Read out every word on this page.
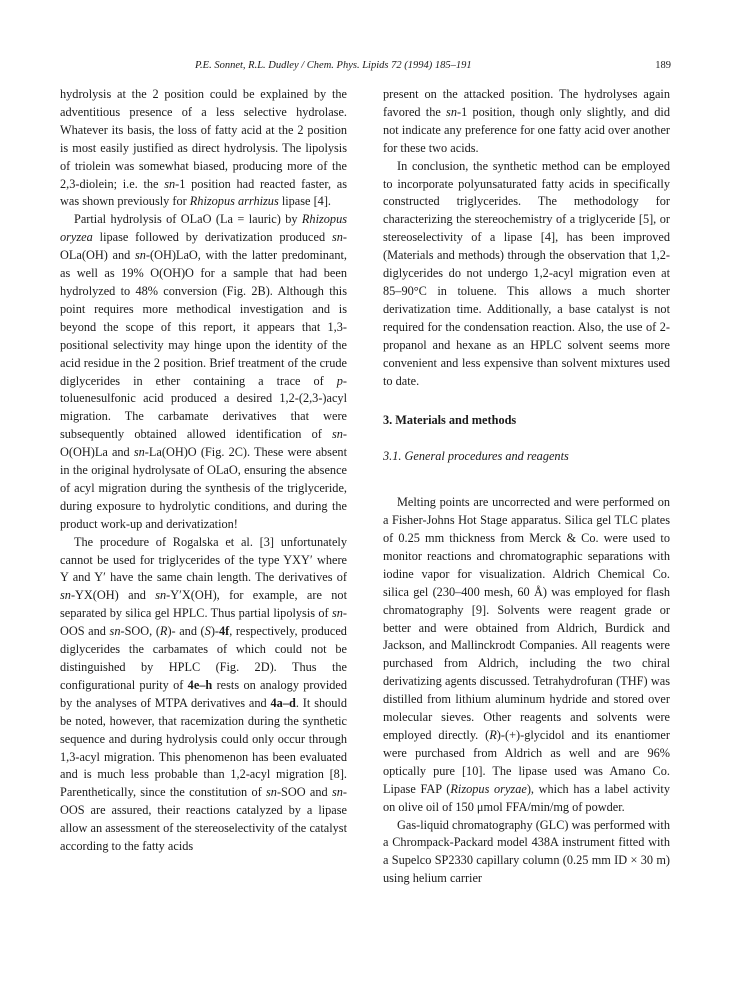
P.E. Sonnet, R.L. Dudley / Chem. Phys. Lipids 72 (1994) 185–191	189

hydrolysis at the 2 position could be explained by the adventitious presence of a less selective hydrolase. Whatever its basis, the loss of fatty acid at the 2 position is most easily justified as direct hydrolysis. The lipolysis of triolein was somewhat biased, producing more of the 2,3-diolein; i.e. the sn-1 position had reacted faster, as was shown previously for Rhizopus arrhizus lipase [4].

Partial hydrolysis of OLaO (La = lauric) by Rhizopus oryzea lipase followed by derivatization produced sn-OLa(OH) and sn-(OH)LaO, with the latter predominant, as well as 19% O(OH)O for a sample that had been hydrolyzed to 48% conversion (Fig. 2B). Although this point requires more methodical investigation and is beyond the scope of this report, it appears that 1,3-positional selectivity may hinge upon the identity of the acid residue in the 2 position. Brief treatment of the crude diglycerides in ether containing a trace of p-toluenesulfonic acid produced a desired 1,2-(2,3-)acyl migration. The carbamate derivatives that were subsequently obtained allowed identification of sn-O(OH)La and sn-La(OH)O (Fig. 2C). These were absent in the original hydrolysate of OLaO, ensuring the absence of acyl migration during the synthesis of the triglyceride, during exposure to hydrolytic conditions, and during the product work-up and derivatization!

The procedure of Rogalska et al. [3] unfortunately cannot be used for triglycerides of the type YXY′ where Y and Y′ have the same chain length. The derivatives of sn-YX(OH) and sn-Y′X(OH), for example, are not separated by silica gel HPLC. Thus partial lipolysis of sn-OOS and sn-SOO, (R)- and (S)-4f, respectively, produced diglycerides the carbamates of which could not be distinguished by HPLC (Fig. 2D). Thus the configurational purity of 4e–h rests on analogy provided by the analyses of MTPA derivatives and 4a–d. It should be noted, however, that racemization during the synthetic sequence and during hydrolysis could only occur through 1,3-acyl migration. This phenomenon has been evaluated and is much less probable than 1,2-acyl migration [8]. Parenthetically, since the constitution of sn-SOO and sn-OOS are assured, their reactions catalyzed by a lipase allow an assessment of the stereoselectivity of the catalyst according to the fatty acids

present on the attacked position. The hydrolyses again favored the sn-1 position, though only slightly, and did not indicate any preference for one fatty acid over another for these two acids.

In conclusion, the synthetic method can be employed to incorporate polyunsaturated fatty acids in specifically constructed triglycerides. The methodology for characterizing the stereochemistry of a triglyceride [5], or stereoselectivity of a lipase [4], has been improved (Materials and methods) through the observation that 1,2-diglycerides do not undergo 1,2-acyl migration even at 85–90°C in toluene. This allows a much shorter derivatization time. Additionally, a base catalyst is not required for the condensation reaction. Also, the use of 2-propanol and hexane as an HPLC solvent seems more convenient and less expensive than solvent mixtures used to date.

3. Materials and methods
3.1. General procedures and reagents

Melting points are uncorrected and were performed on a Fisher-Johns Hot Stage apparatus. Silica gel TLC plates of 0.25 mm thickness from Merck & Co. were used to monitor reactions and chromatographic separations with iodine vapor for visualization. Aldrich Chemical Co. silica gel (230–400 mesh, 60 Å) was employed for flash chromatography [9]. Solvents were reagent grade or better and were obtained from Aldrich, Burdick and Jackson, and Mallinckrodt Companies. All reagents were purchased from Aldrich, including the two chiral derivatizing agents discussed. Tetrahydrofuran (THF) was distilled from lithium aluminum hydride and stored over molecular sieves. Other reagents and solvents were employed directly. (R)-(+)-glycidol and its enantiomer were purchased from Aldrich as well and are 96% optically pure [10]. The lipase used was Amano Co. Lipase FAP (Rizopus oryzae), which has a label activity on olive oil of 150 μmol FFA/min/mg of powder.

Gas-liquid chromatography (GLC) was performed with a Chrompack-Packard model 438A instrument fitted with a Supelco SP2330 capillary column (0.25 mm ID × 30 m) using helium carrier
